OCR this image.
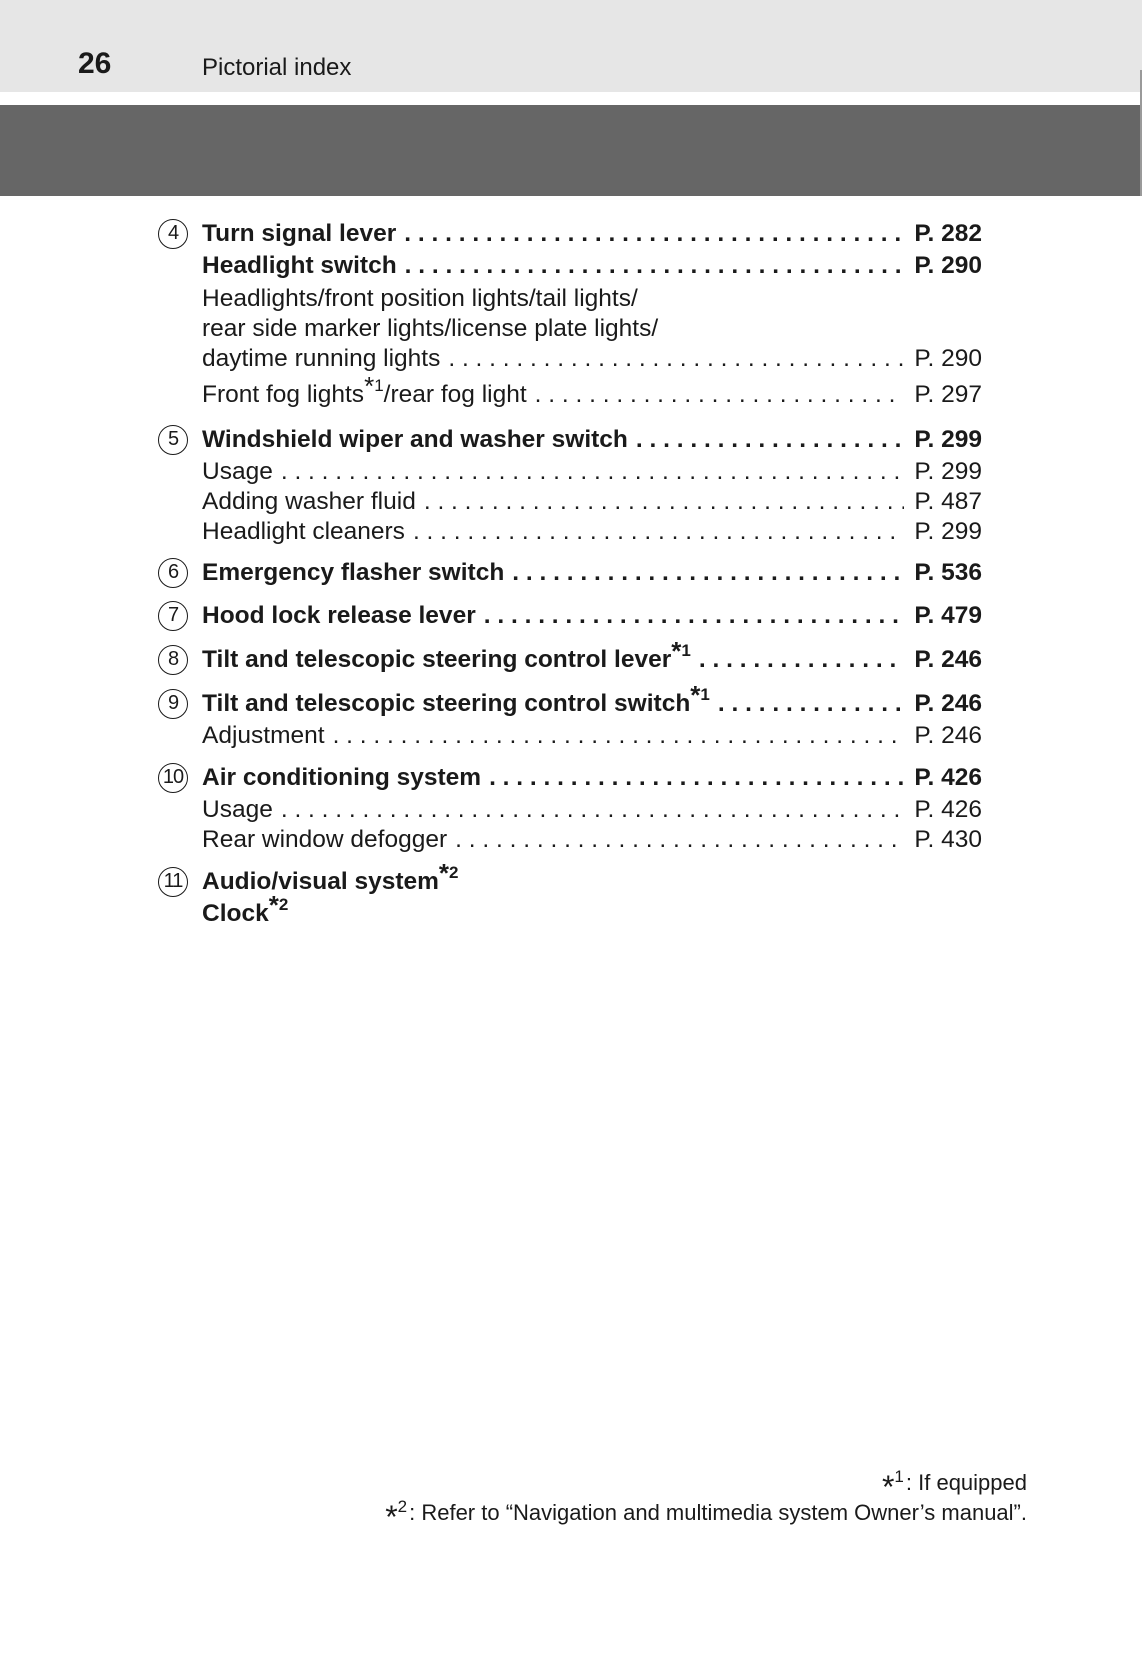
26	Pictorial index
4 Turn signal lever . . .	P. 282
Headlight switch . . .	P. 290
Headlights/front position lights/tail lights/
rear side marker lights/license plate lights/
daytime running lights . . .	P. 290
Front fog lights$^{*1}$/rear fog light . . .	P. 297
5 Windshield wiper and washer switch . . .	P. 299
Usage . . .	P. 299
Adding washer fluid . . .	P. 487
Headlight cleaners . . .	P. 299
6 Emergency flasher switch . . .	P. 536
7 Hood lock release lever . . .	P. 479
8 Tilt and telescopic steering control lever$^{*1}$ . . .	P. 246
9 Tilt and telescopic steering control switch$^{*1}$ . . .	P. 246
Adjustment . . .	P. 246
10 Air conditioning system . . .	P. 426
Usage . . .	P. 426
Rear window defogger . . .	P. 430
11 Audio/visual system$^{*2}$
Clock$^{*2}$
*$^1$: If equipped
*$^2$: Refer to “Navigation and multimedia system Owner’s manual”.
